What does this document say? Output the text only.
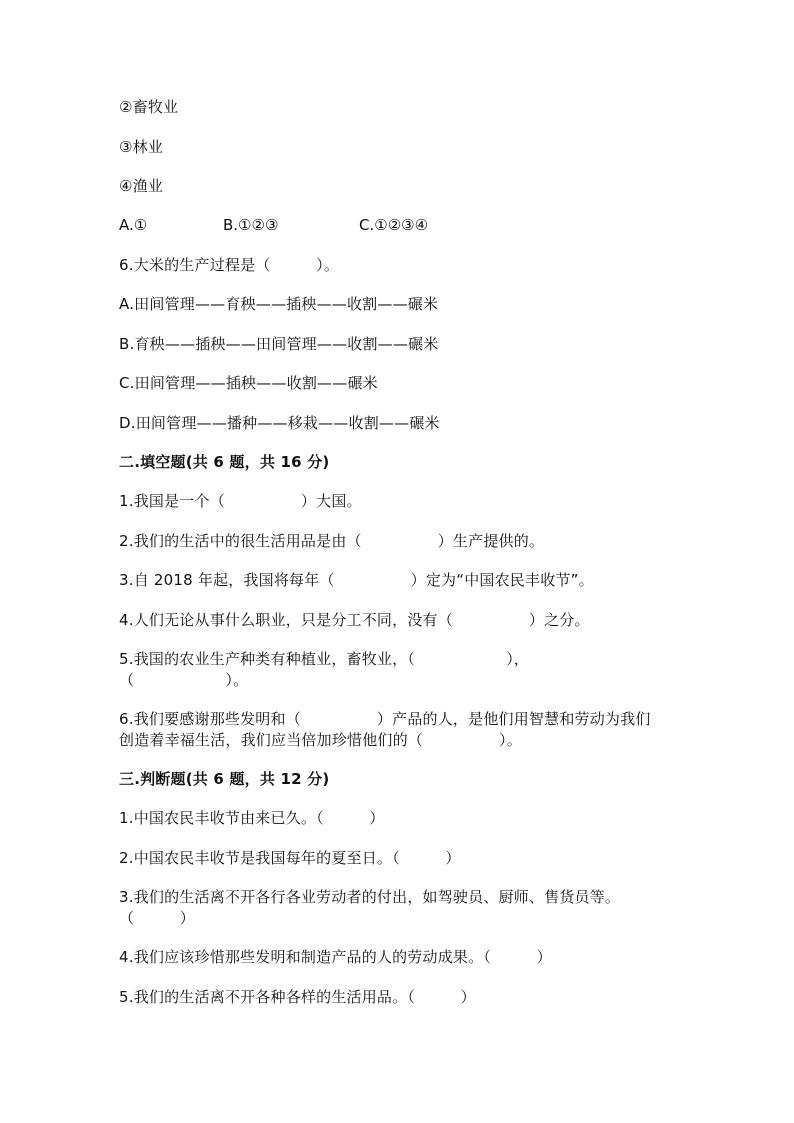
②畜牧业
③林业
④渔业

A.①

	B.①②③

	C.①②③④

6.大米的生产过程是（　　　）。
A.田间管理——育秧——插秧——收割——碾米
B.育秧——插秧——田间管理——收割——碾米
C.田间管理——插秧——收割——碾米
D.田间管理——播种——移栽——收割——碾米
二.填空题(共 6 题，共 16 分)
1.我国是一个（　　　　　）大国。
2.我们的生活中的很生活用品是由（　　　　　）生产提供的。
3.自 2018 年起，我国将每年（　　　　　）定为“中国农民丰收节”。
4.人们无论从事什么职业，只是分工不同，没有（　　　　　）之分。
5.我国的农业生产种类有种植业，畜牧业，（　　　　　　），
（　　　　　　）。
6.我们要感谢那些发明和（　　　　　）产品的人，是他们用智慧和劳动为我们
创造着幸福生活，我们应当倍加珍惜他们的（　　　　　）。
三.判断题(共 6 题，共 12 分)
1.中国农民丰收节由来已久。（　　　）
2.中国农民丰收节是我国每年的夏至日。（　　　）
3.我们的生活离不开各行各业劳动者的付出，如驾驶员、厨师、售货员等。
（　　　）
4.我们应该珍惜那些发明和制造产品的人的劳动成果。（　　　）
5.我们的生活离不开各种各样的生活用品。（　　　）
